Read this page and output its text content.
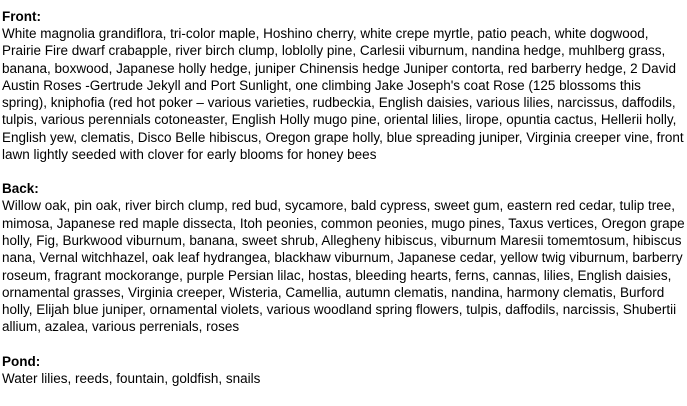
Front:
White magnolia grandiflora, tri-color maple, Hoshino cherry, white crepe myrtle, patio peach, white dogwood, Prairie Fire dwarf crabapple, river birch clump, loblolly pine, Carlesii viburnum, nandina hedge, muhlberg grass, banana, boxwood, Japanese holly hedge, juniper Chinensis hedge Juniper contorta, red barberry hedge, 2 David Austin Roses -Gertrude Jekyll and Port Sunlight, one climbing Jake Joseph's coat Rose (125 blossoms this spring), kniphofia (red hot poker – various varieties, rudbeckia, English daisies, various lilies, narcissus, daffodils, tulpis, various perennials cotoneaster, English Holly mugo pine, oriental lilies, lirope, opuntia cactus, Hellerii holly, English yew, clematis, Disco Belle hibiscus, Oregon grape holly, blue spreading juniper, Virginia creeper vine, front lawn lightly seeded with clover for early blooms for honey bees
Back:
Willow oak, pin oak, river birch clump, red bud, sycamore, bald cypress, sweet gum, eastern red cedar, tulip tree, mimosa, Japanese red maple dissecta, Itoh peonies, common peonies, mugo pines, Taxus vertices, Oregon grape holly, Fig, Burkwood viburnum, banana, sweet shrub, Allegheny hibiscus, viburnum Maresii tomemtosum, hibiscus nana, Vernal witchhazel, oak leaf hydrangea, blackhaw viburnum, Japanese cedar, yellow twig viburnum, barberry roseum, fragrant mockorange, purple Persian lilac, hostas, bleeding hearts, ferns, cannas, lilies, English daisies, ornamental grasses, Virginia creeper, Wisteria, Camellia, autumn clematis, nandina, harmony clematis, Burford holly, Elijah blue juniper, ornamental violets, various woodland spring flowers, tulpis, daffodils, narcissis, Shubertii allium, azalea, various perrenials, roses
Pond:
Water lilies, reeds, fountain, goldfish, snails
